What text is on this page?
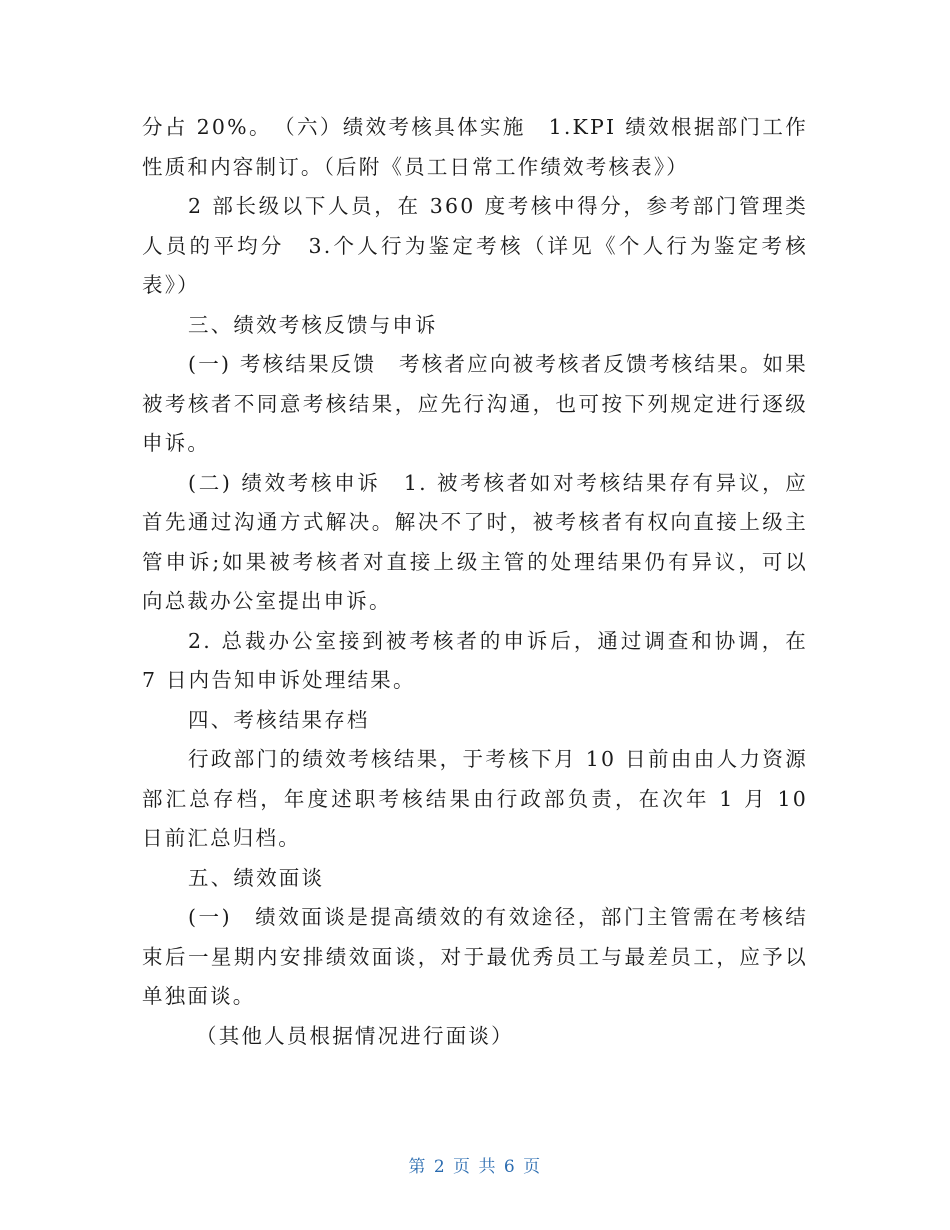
分占 20%。　（六）绩效考核具体实施　1.KPI 绩效根据部门工作性质和内容制订。（后附《员工日常工作绩效考核表》）

2 部长级以下人员，在 360 度考核中得分，参考部门管理类人员的平均分　3.个人行为鉴定考核（详见《个人行为鉴定考核表》）

三、绩效考核反馈与申诉

(一) 考核结果反馈　考核者应向被考核者反馈考核结果。如果被考核者不同意考核结果，应先行沟通，也可按下列规定进行逐级申诉。

(二) 绩效考核申诉　1. 被考核者如对考核结果存有异议，应首先通过沟通方式解决。解决不了时，被考核者有权向直接上级主管申诉;如果被考核者对直接上级主管的处理结果仍有异议，可以向总裁办公室提出申诉。

2. 总裁办公室接到被考核者的申诉后，通过调查和协调，在 7 日内告知申诉处理结果。

四、考核结果存档

行政部门的绩效考核结果，于考核下月 10 日前由由人力资源部汇总存档，年度述职考核结果由行政部负责，在次年 1 月 10 日前汇总归档。

五、绩效面谈

(一)　绩效面谈是提高绩效的有效途径，部门主管需在考核结束后一星期内安排绩效面谈，对于最优秀员工与最差员工，应予以单独面谈。

（其他人员根据情况进行面谈）

第 2 页 共 6 页
